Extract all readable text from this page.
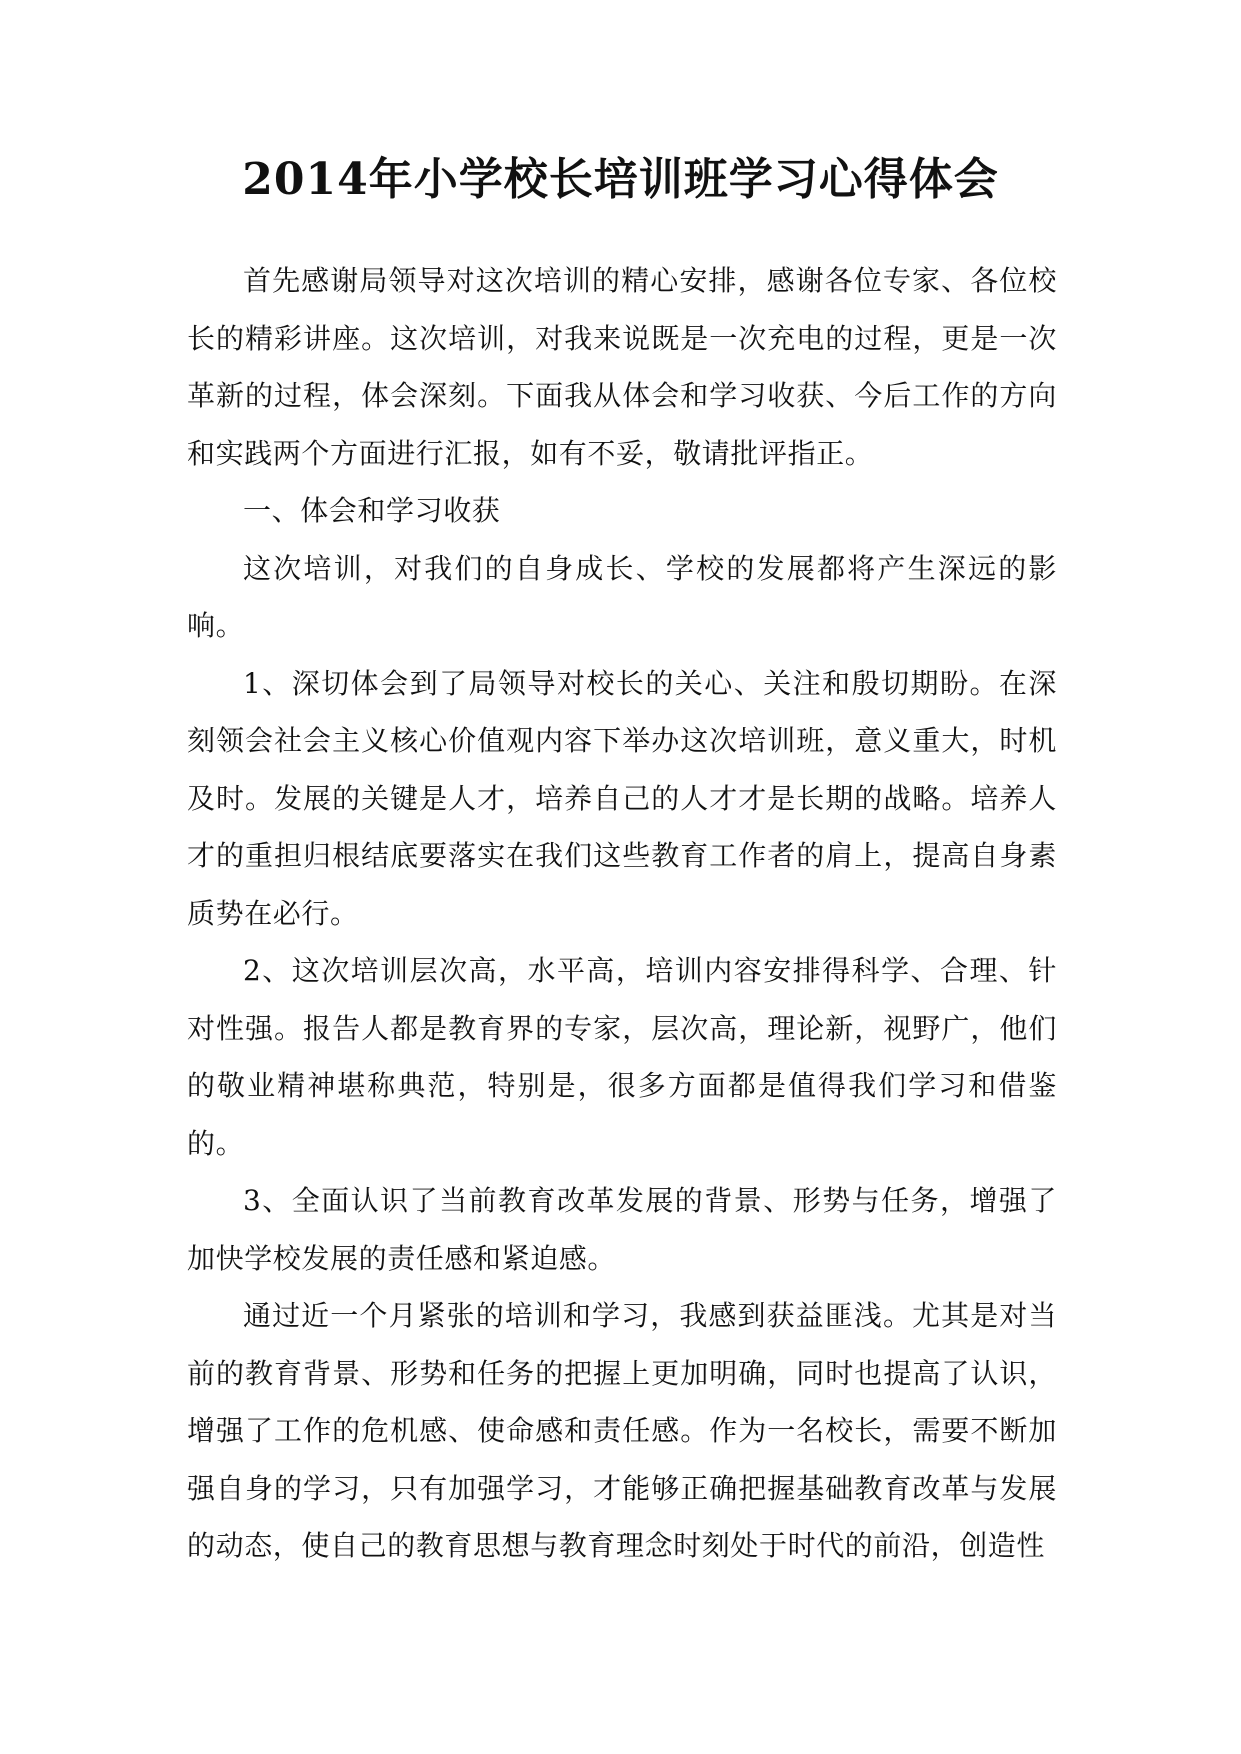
2014年小学校长培训班学习心得体会

首先感谢局领导对这次培训的精心安排，感谢各位专家、各位校长的精彩讲座。这次培训，对我来说既是一次充电的过程，更是一次革新的过程，体会深刻。下面我从体会和学习收获、今后工作的方向和实践两个方面进行汇报，如有不妥，敬请批评指正。

一、体会和学习收获

这次培训，对我们的自身成长、学校的发展都将产生深远的影响。

1、深切体会到了局领导对校长的关心、关注和殷切期盼。在深刻领会社会主义核心价值观内容下举办这次培训班，意义重大，时机及时。发展的关键是人才，培养自己的人才才是长期的战略。培养人才的重担归根结底要落实在我们这些教育工作者的肩上，提高自身素质势在必行。

2、这次培训层次高，水平高，培训内容安排得科学、合理、针对性强。报告人都是教育界的专家，层次高，理论新，视野广，他们的敬业精神堪称典范，特别是，很多方面都是值得我们学习和借鉴的。

3、全面认识了当前教育改革发展的背景、形势与任务，增强了加快学校发展的责任感和紧迫感。

通过近一个月紧张的培训和学习，我感到获益匪浅。尤其是对当前的教育背景、形势和任务的把握上更加明确，同时也提高了认识，增强了工作的危机感、使命感和责任感。作为一名校长，需要不断加强自身的学习，只有加强学习，才能够正确把握基础教育改革与发展的动态，使自己的教育思想与教育理念时刻处于时代的前沿，创造性
